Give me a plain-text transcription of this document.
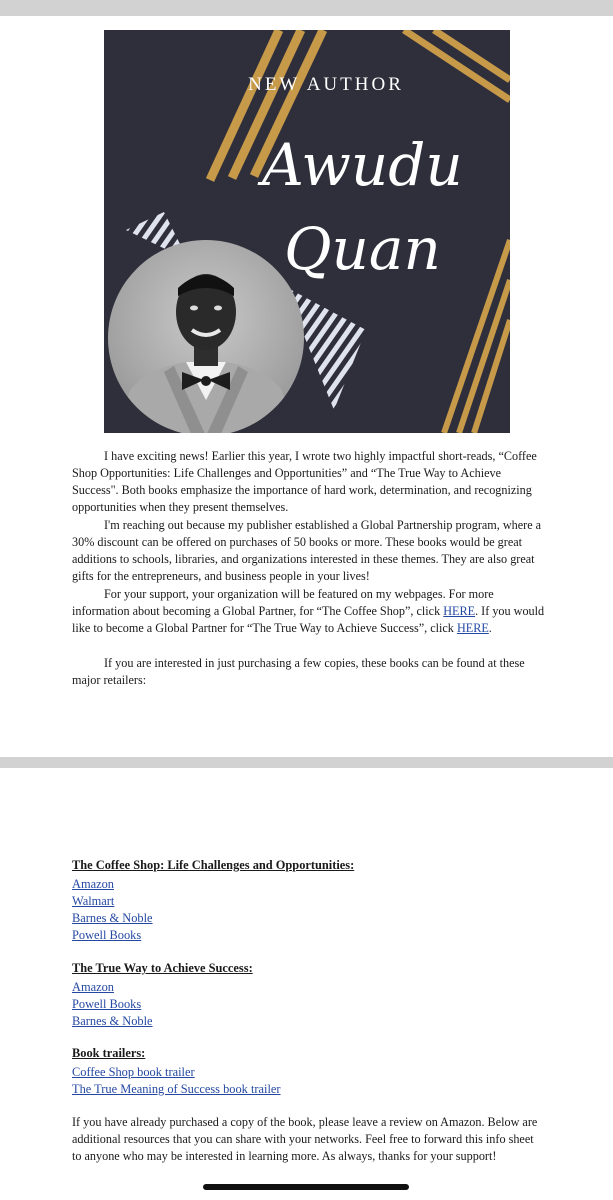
NEW AUTHOR
Awudu
Quan

I have exciting news! Earlier this year, I wrote two highly impactful short-reads, “Coffee Shop Opportunities: Life Challenges and Opportunities” and “The True Way to Achieve Success". Both books emphasize the importance of hard work, determination, and recognizing opportunities when they present themselves.

I'm reaching out because my publisher established a Global Partnership program, where a 30% discount can be offered on purchases of 50 books or more. These books would be great additions to schools, libraries, and organizations interested in these themes. They are also great gifts for the entrepreneurs, and business people in your lives!

For your support, your organization will be featured on my webpages. For more information about becoming a Global Partner, for “The Coffee Shop”, click HERE. If you would like to become a Global Partner for “The True Way to Achieve Success”, click HERE.

If you are interested in just purchasing a few copies, these books can be found at these major retailers:

The Coffee Shop: Life Challenges and Opportunities:

Amazon
Walmart
Barnes & Noble
Powell Books

The True Way to Achieve Success:

Amazon
Powell Books
Barnes & Noble

Book trailers:

Coffee Shop book trailer
The True Meaning of Success book trailer

If you have already purchased a copy of the book, please leave a review on Amazon. Below are additional resources that you can share with your networks. Feel free to forward this info sheet to anyone who may be interested in learning more. As always, thanks for your support!
